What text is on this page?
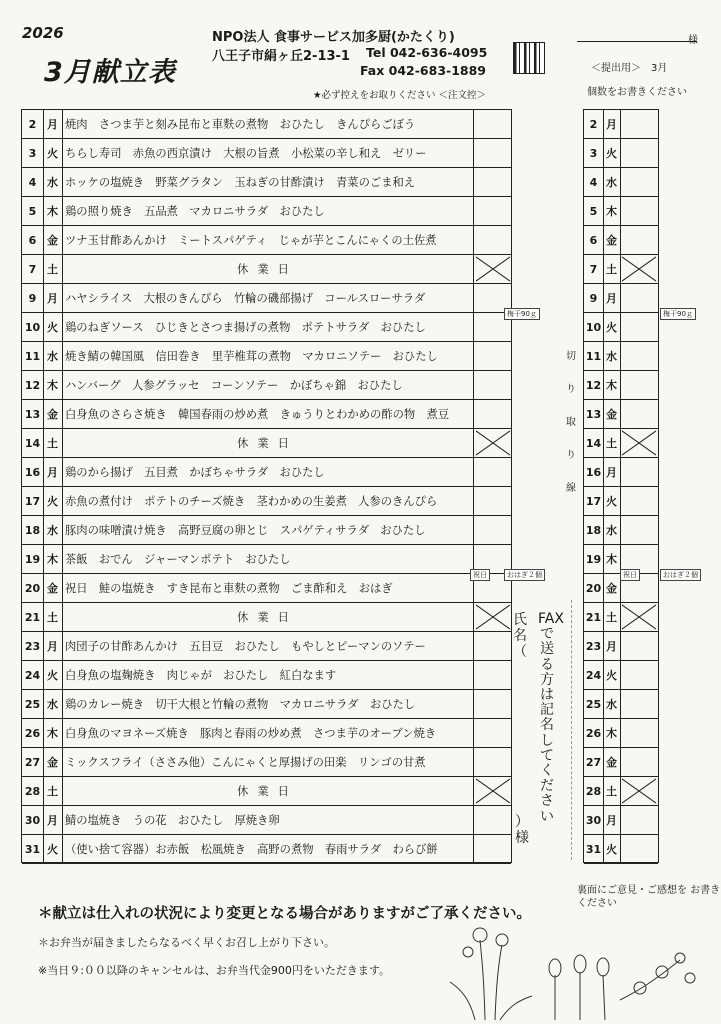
2026
3月献立表
NPO法人 食事サービス加多厨(かたくり)
八王子市絹ヶ丘2-13-1 Tel 042-636-4095
Fax 042-683-1889
★必ず控えをお取りください ＜注文控＞
様
＜提出用＞　3月
個数をお書きください
2 月 焼肉　さつま芋と刻み昆布と車麩の煮物　おひたし　きんぴらごぼう
3 火 ちらし寿司　赤魚の西京漬け　大根の旨煮　小松菜の辛し和え　ゼリー
4 水 ホッケの塩焼き　野菜グラタン　玉ねぎの甘酢漬け　青菜のごま和え
5 木 鶏の照り焼き　五品煮　マカロニサラダ　おひたし
6 金 ツナ玉甘酢あんかけ　ミートスパゲティ　じゃが芋とこんにゃくの土佐煮
7 土	休業日
9 月 ハヤシライス　大根のきんぴら　竹輪の磯部揚げ　コールスローサラダ
10 火 鶏のねぎソース　ひじきとさつま揚げの煮物　ポテトサラダ　おひたし
11 水 焼き鯖の韓国風　信田巻き　里芋椎茸の煮物　マカロニソテー　おひたし
12 木 ハンバーグ　人参グラッセ　コーンソテー　かぼちゃ錦　おひたし
13 金 白身魚のさらさ焼き　韓国春雨の炒め煮　きゅうりとわかめの酢の物　煮豆
14 土	休業日
16 月 鶏のから揚げ　五目煮　かぼちゃサラダ　おひたし
17 火 赤魚の煮付け　ポテトのチーズ焼き　茎わかめの生姜煮　人参のきんぴら
18 水 豚肉の味噌漬け焼き　高野豆腐の卵とじ　スパゲティサラダ　おひたし
19 木 茶飯　おでん　ジャーマンポテト　おひたし
20 金 祝日　鮭の塩焼き　すき昆布と車麩の煮物　ごま酢和え　おはぎ
21 土	休業日
23 月 肉団子の甘酢あんかけ　五目豆　おひたし　もやしとピーマンのソテー
24 火 白身魚の塩麹焼き　肉じゃが　おひたし　紅白なます
25 水 鶏のカレー焼き　切干大根と竹輪の煮物　マカロニサラダ　おひたし
26 木 白身魚のマヨネーズ焼き　豚肉と春雨の炒め煮　さつま芋のオーブン焼き
27 金 ミックスフライ（ささみ他）こんにゃくと厚揚げの田楽　リンゴの甘煮
28 土	休業日
30 月 鯖の塩焼き　うの花　おひたし　厚焼き卵
31 火 （使い捨て容器）お赤飯　松風焼き　高野の煮物　春雨サラダ　わらび餅
2 月
3 火
4 水
5 木
6 金
7 土
9 月
10 火
11 水
12 木
13 金
14 土
16 月
17 火
18 水
19 木
20 金
21 土
23 月
24 火
25 水
26 木
27 金
28 土
30 月
31 火
切り取り線
FAXで送る方は記名してください
氏名（
）様
＊献立は仕入れの状況により変更となる場合がありますがご了承ください。
＊お弁当が届きましたらなるべく早くお召し上がり下さい。
※当日９:００以降のキャンセルは、お弁当代金900円をいただきます。
裏面にご意見・ご感想を お書きください
梅干90ｇ	梅干90ｇ
おはぎ２個	おはぎ２個
祝日	祝日
